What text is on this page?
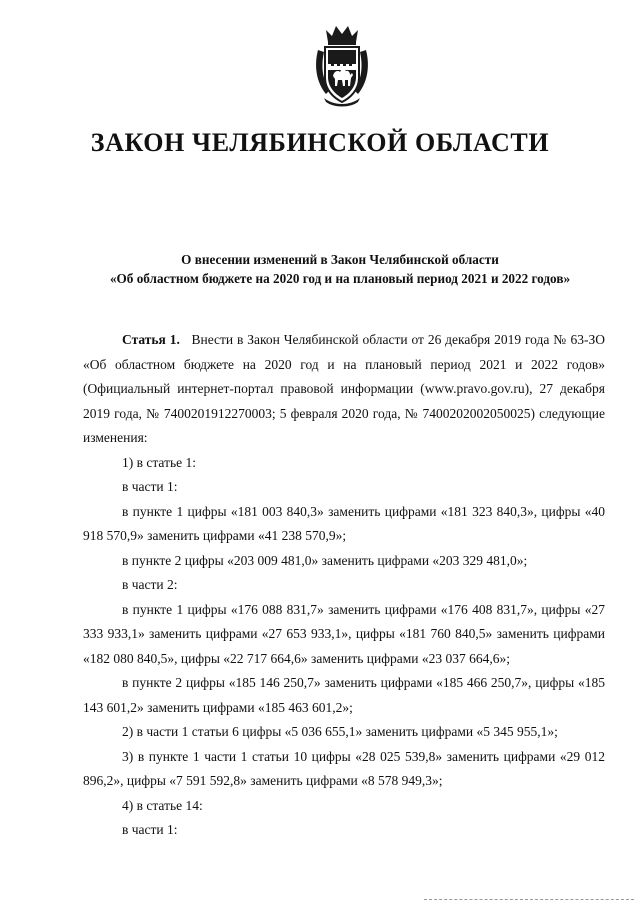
ЗАКОН ЧЕЛЯБИНСКОЙ ОБЛАСТИ
О внесении изменений в Закон Челябинской области
«Об областном бюджете на 2020 год и на плановый период 2021 и 2022 годов»

Статья 1. Внести в Закон Челябинской области от 26 декабря 2019 года № 63-ЗО «Об областном бюджете на 2020 год и на плановый период 2021 и 2022 годов» (Официальный интернет-портал правовой информации (www.pravo.gov.ru), 27 декабря 2019 года, № 7400201912270003; 5 февраля 2020 года, № 7400202002050025) следующие изменения:

1) в статье 1:

в части 1:

в пункте 1 цифры «181 003 840,3» заменить цифрами «181 323 840,3», цифры «40 918 570,9» заменить цифрами «41 238 570,9»;

в пункте 2 цифры «203 009 481,0» заменить цифрами «203 329 481,0»;

в части 2:

в пункте 1 цифры «176 088 831,7» заменить цифрами «176 408 831,7», цифры «27 333 933,1» заменить цифрами «27 653 933,1», цифры «181 760 840,5» заменить цифрами «182 080 840,5», цифры «22 717 664,6» заменить цифрами «23 037 664,6»;

в пункте 2 цифры «185 146 250,7» заменить цифрами «185 466 250,7», цифры «185 143 601,2» заменить цифрами «185 463 601,2»;

2) в части 1 статьи 6 цифры «5 036 655,1» заменить цифрами «5 345 955,1»;

3) в пункте 1 части 1 статьи 10 цифры «28 025 539,8» заменить цифрами «29 012 896,2», цифры «7 591 592,8» заменить цифрами «8 578 949,3»;

4) в статье 14:

в части 1:
